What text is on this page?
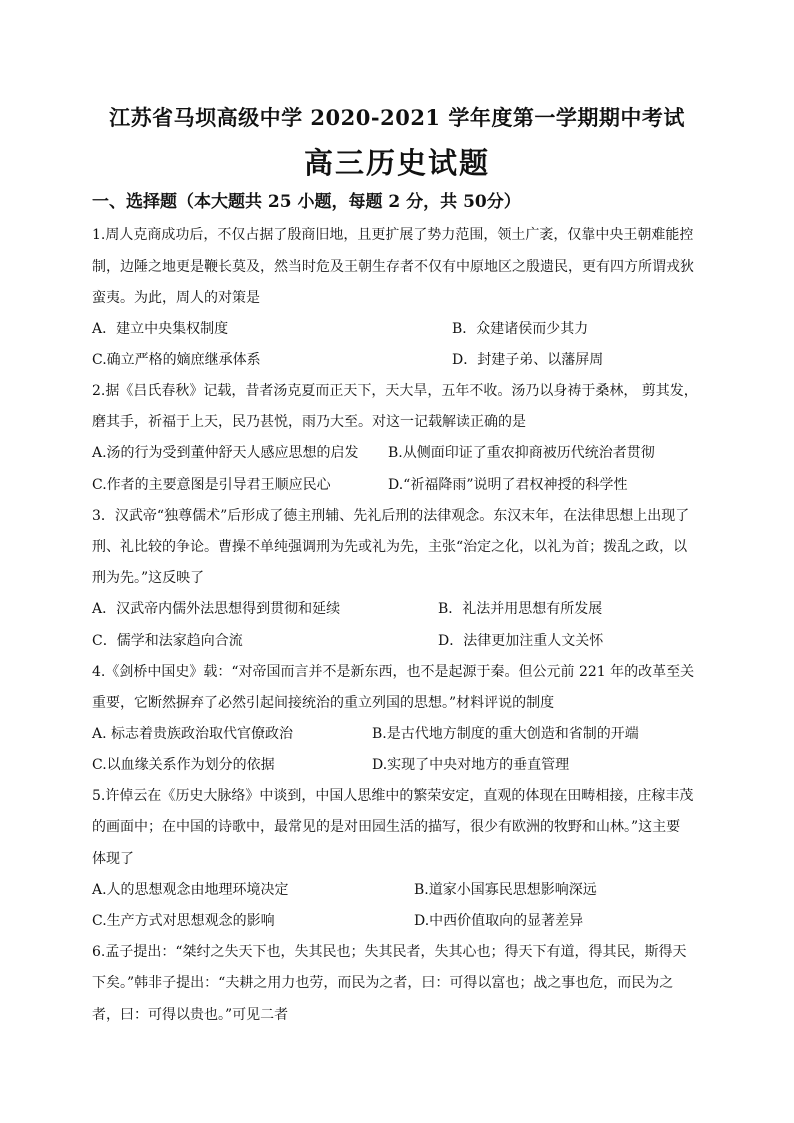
江苏省马坝高级中学 2020-2021 学年度第一学期期中考试
高三历史试题
一、选择题（本大题共 25 小题，每题 2 分，共 50分）
1.周人克商成功后，不仅占据了殷商旧地，且更扩展了势力范围，领土广袤，仅靠中央王朝难能控
制，边陲之地更是鞭长莫及，然当时危及王朝生存者不仅有中原地区之殷遗民，更有四方所谓戎狄
蛮夷。为此，周人的对策是
A．建立中央集权制度	B．众建诸侯而少其力
C.确立严格的嫡庶继承体系	D．封建子弟、以藩屏周
2.据《吕氏春秋》记载，昔者汤克夏而正天下，天大旱，五年不收。汤乃以身祷于桑林， 剪其发，
磨其手，祈福于上天，民乃甚悦，雨乃大至。对这一记载解读正确的是
A.汤的行为受到董仲舒天人感应思想的启发 B.从侧面印证了重农抑商被历代统治者贯彻
C.作者的主要意图是引导君王顺应民心	D.“祈福降雨”说明了君权神授的科学性
3．汉武帝“独尊儒术”后形成了德主刑辅、先礼后刑的法律观念。东汉末年，在法律思想上出现了
刑、礼比较的争论。曹操不单纯强调刑为先或礼为先，主张“治定之化，以礼为首；拨乱之政，以
刑为先。”这反映了
A．汉武帝内儒外法思想得到贯彻和延续	B．礼法并用思想有所发展
C．儒学和法家趋向合流	D．法律更加注重人文关怀
4.《剑桥中国史》载：“对帝国而言并不是新东西，也不是起源于秦。但公元前 221 年的改革至关
重要，它断然摒弃了必然引起间接统治的重立列国的思想。”材料评说的制度
A. 标志着贵族政治取代官僚政治	B.是古代地方制度的重大创造和省制的开端
C.以血缘关系作为划分的依据	D.实现了中央对地方的垂直管理
5.许倬云在《历史大脉络》中谈到，中国人思维中的繁荣安定，直观的体现在田畴相接，庄稼丰茂
的画面中；在中国的诗歌中，最常见的是对田园生活的描写，很少有欧洲的牧野和山林。”这主要
体现了
A.人的思想观念由地理环境决定	B.道家小国寡民思想影响深远
C.生产方式对思想观念的影响	D.中西价值取向的显著差异
6.孟子提出：“桀纣之失天下也，失其民也；失其民者，失其心也；得天下有道，得其民，斯得天
下矣。”韩非子提出：“夫耕之用力也劳，而民为之者，曰：可得以富也；战之事也危，而民为之
者，曰：可得以贵也。”可见二者
